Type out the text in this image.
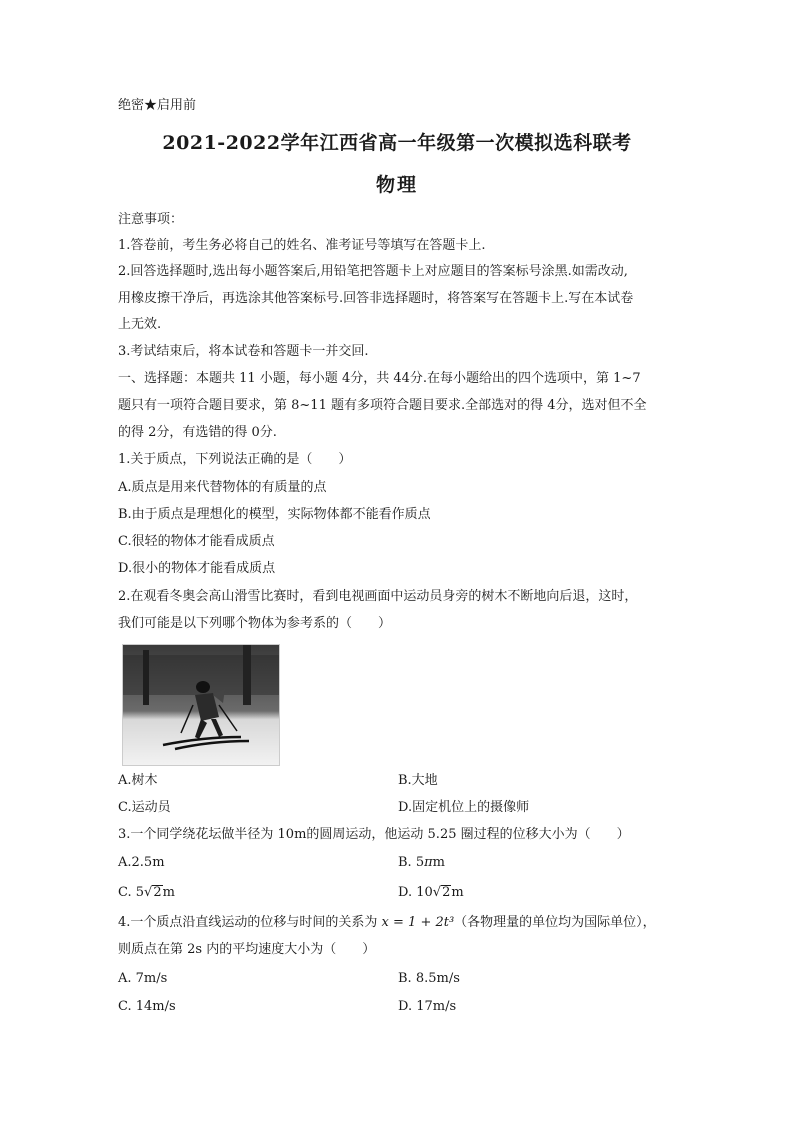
绝密★启用前
2021-2022学年江西省高一年级第一次模拟选科联考
物理
注意事项：
1.答卷前，考生务必将自己的姓名、准考证号等填写在答题卡上.
2.回答选择题时,选出每小题答案后,用铅笔把答题卡上对应题目的答案标号涂黑.如需改动,
用橡皮擦干净后，再选涂其他答案标号.回答非选择题时，将答案写在答题卡上.写在本试卷
上无效.
3.考试结束后，将本试卷和答题卡一并交回.
一、选择题：本题共 11 小题，每小题 4分，共 44分.在每小题给出的四个选项中，第 1~7
题只有一项符合题目要求，第 8~11 题有多项符合题目要求.全部选对的得 4分，选对但不全
的得 2分，有选错的得 0分.
1.关于质点，下列说法正确的是（　　）
A.质点是用来代替物体的有质量的点
B.由于质点是理想化的模型，实际物体都不能看作质点
C.很轻的物体才能看成质点
D.很小的物体才能看成质点
2.在观看冬奥会高山滑雪比赛时，看到电视画面中运动员身旁的树木不断地向后退，这时，
我们可能是以下列哪个物体为参考系的（　　）
A.树木	B.大地
C.运动员	D.固定机位上的摄像师
3.一个同学绕花坛做半径为 10m的圆周运动，他运动 5.25 圈过程的位移大小为（　　）
A.2.5m	B. 5πm
C. 5√2m	D. 10√2m
4.一个质点沿直线运动的位移与时间的关系为 x = 1 + 2t³（各物理量的单位均为国际单位），
则质点在第 2s 内的平均速度大小为（　　）
A. 7m/s	B. 8.5m/s
C. 14m/s	D. 17m/s
